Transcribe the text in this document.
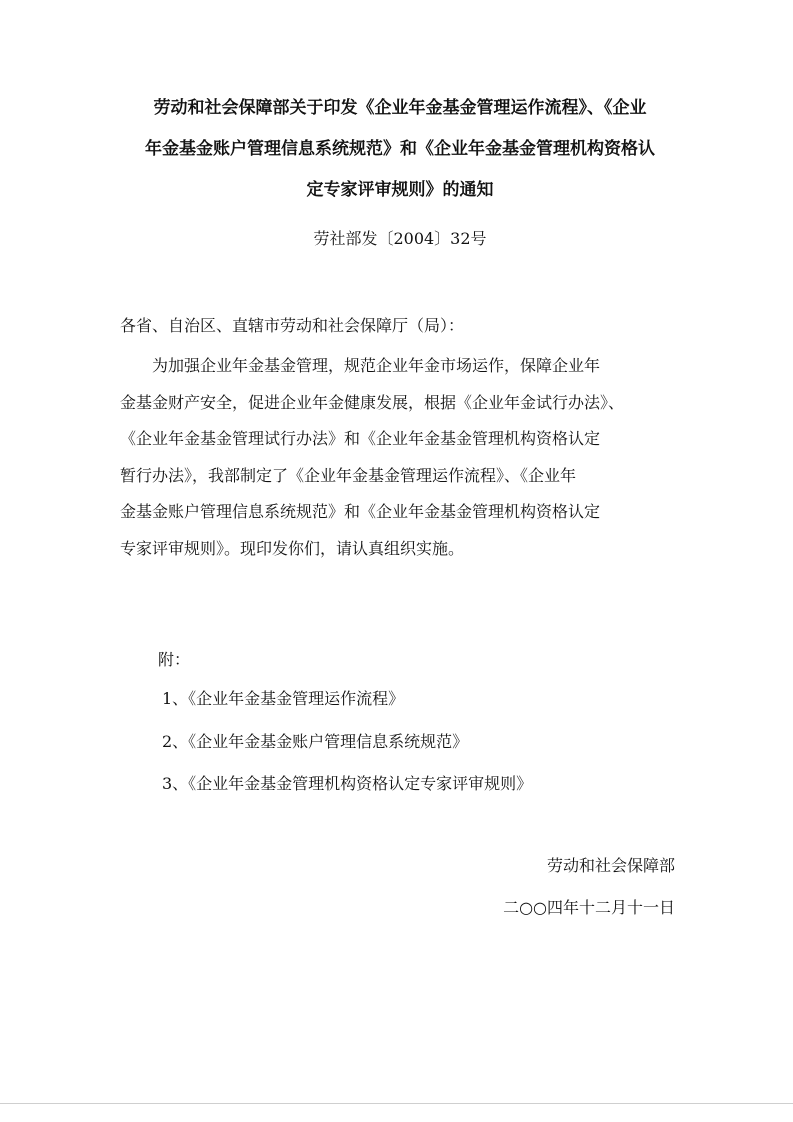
劳动和社会保障部关于印发《企业年金基金管理运作流程》、《企业
年金基金账户管理信息系统规范》和《企业年金基金管理机构资格认
定专家评审规则》的通知
劳社部发〔2004〕32号
各省、自治区、直辖市劳动和社会保障厅（局）：
为加强企业年金基金管理，规范企业年金市场运作，保障企业年
金基金财产安全，促进企业年金健康发展，根据《企业年金试行办法》、
《企业年金基金管理试行办法》和《企业年金基金管理机构资格认定
暂行办法》，我部制定了《企业年金基金管理运作流程》、《企业年
金基金账户管理信息系统规范》和《企业年金基金管理机构资格认定
专家评审规则》。现印发你们，请认真组织实施。
附：
1、《企业年金基金管理运作流程》
2、《企业年金基金账户管理信息系统规范》
3、《企业年金基金管理机构资格认定专家评审规则》
劳动和社会保障部
二○○四年十二月十一日
